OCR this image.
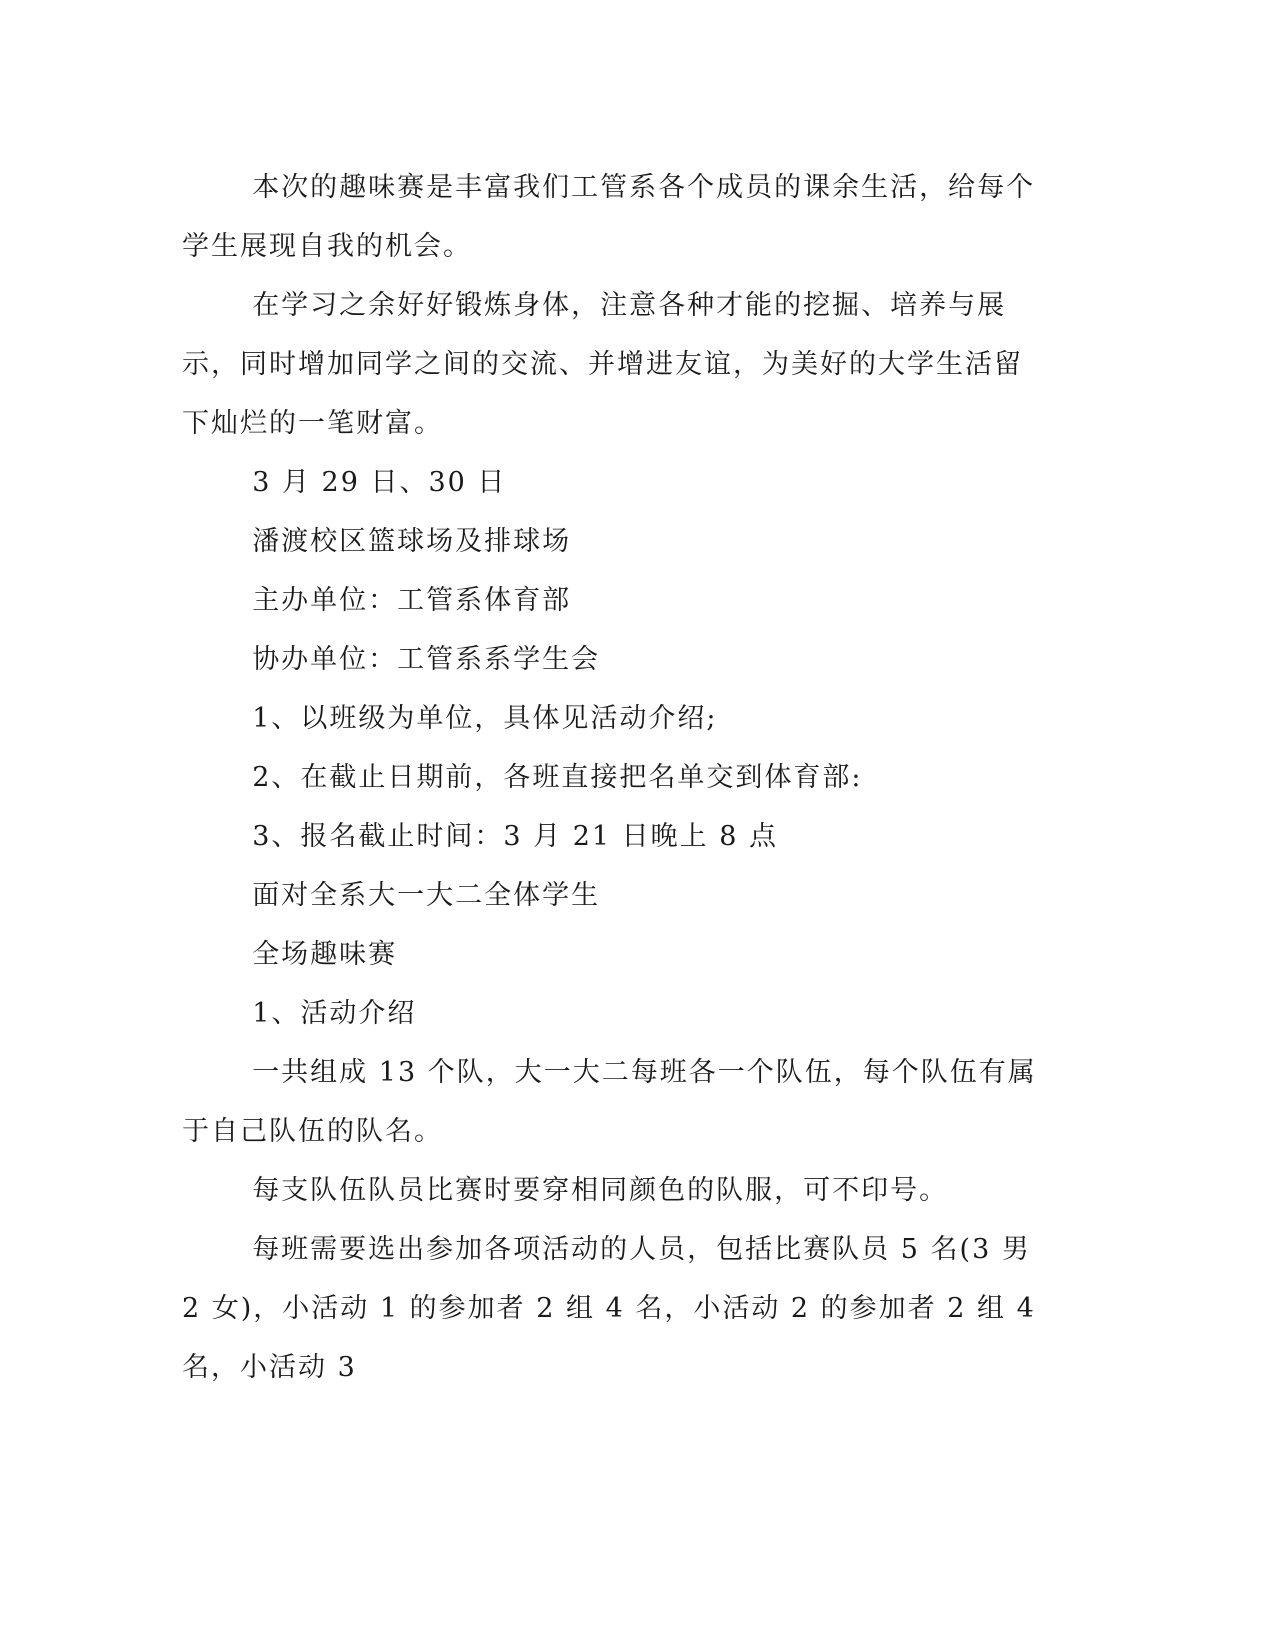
本次的趣味赛是丰富我们工管系各个成员的课余生活，给每个学生展现自我的机会。

在学习之余好好锻炼身体，注意各种才能的挖掘、培养与展示，同时增加同学之间的交流、并增进友谊，为美好的大学生活留下灿烂的一笔财富。

3 月 29 日、30 日

潘渡校区篮球场及排球场

主办单位：工管系体育部

协办单位：工管系系学生会

1、以班级为单位，具体见活动介绍;

2、在截止日期前，各班直接把名单交到体育部:

3、报名截止时间：3 月 21 日晚上 8 点

面对全系大一大二全体学生

全场趣味赛

1、活动介绍

一共组成 13 个队，大一大二每班各一个队伍，每个队伍有属于自己队伍的队名。

每支队伍队员比赛时要穿相同颜色的队服，可不印号。

每班需要选出参加各项活动的人员，包括比赛队员 5 名(3 男 2 女)，小活动 1 的参加者 2 组 4 名，小活动 2 的参加者 2 组 4 名，小活动 3
